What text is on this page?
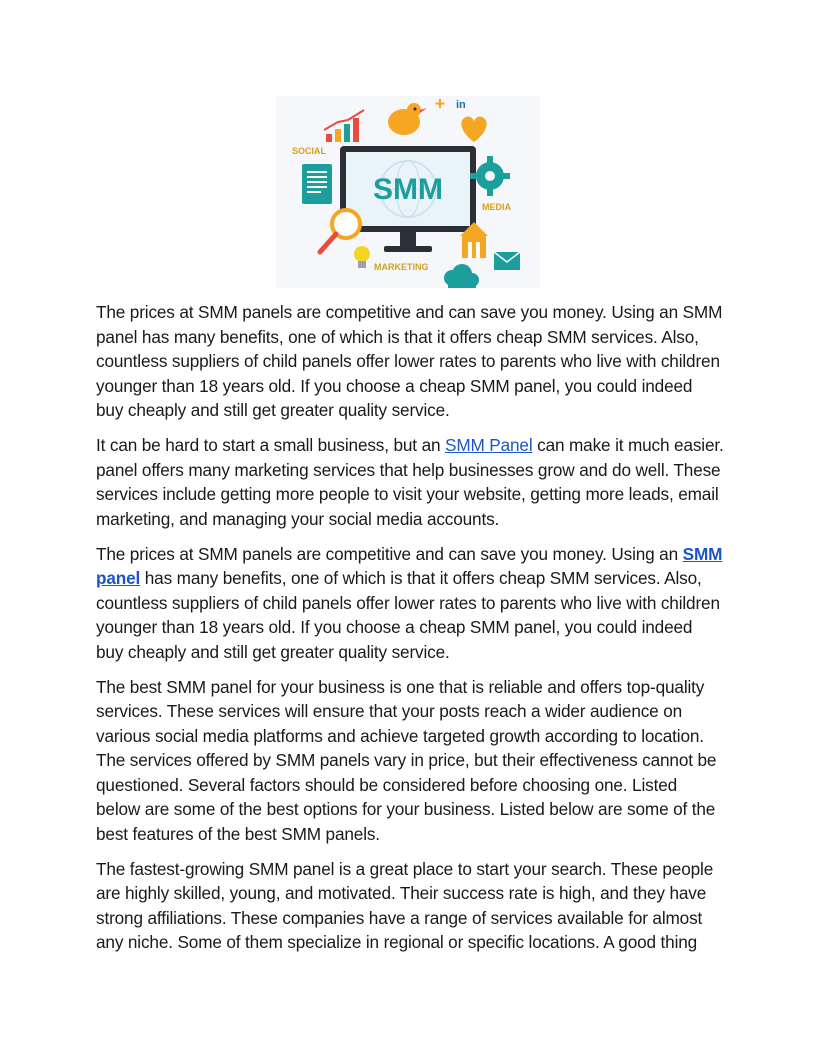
in
SOCIAL
SMM
MEDIA
MARKETING

The prices at SMM panels are competitive and can save you money. Using an SMM panel has many benefits, one of which is that it offers cheap SMM services. Also, countless suppliers of child panels offer lower rates to parents who live with children younger than 18 years old. If you choose a cheap SMM panel, you could indeed buy cheaply and still get greater quality service.

It can be hard to start a small business, but an SMM Panel can make it much easier. panel offers many marketing services that help businesses grow and do well. These services include getting more people to visit your website, getting more leads, email marketing, and managing your social media accounts.

The prices at SMM panels are competitive and can save you money. Using an SMM panel has many benefits, one of which is that it offers cheap SMM services. Also, countless suppliers of child panels offer lower rates to parents who live with children younger than 18 years old. If you choose a cheap SMM panel, you could indeed buy cheaply and still get greater quality service.

The best SMM panel for your business is one that is reliable and offers top-quality services. These services will ensure that your posts reach a wider audience on various social media platforms and achieve targeted growth according to location. The services offered by SMM panels vary in price, but their effectiveness cannot be questioned. Several factors should be considered before choosing one. Listed below are some of the best options for your business. Listed below are some of the best features of the best SMM panels.

The fastest-growing SMM panel is a great place to start your search. These people are highly skilled, young, and motivated. Their success rate is high, and they have strong affiliations. These companies have a range of services available for almost any niche. Some of them specialize in regional or specific locations. A good thing
